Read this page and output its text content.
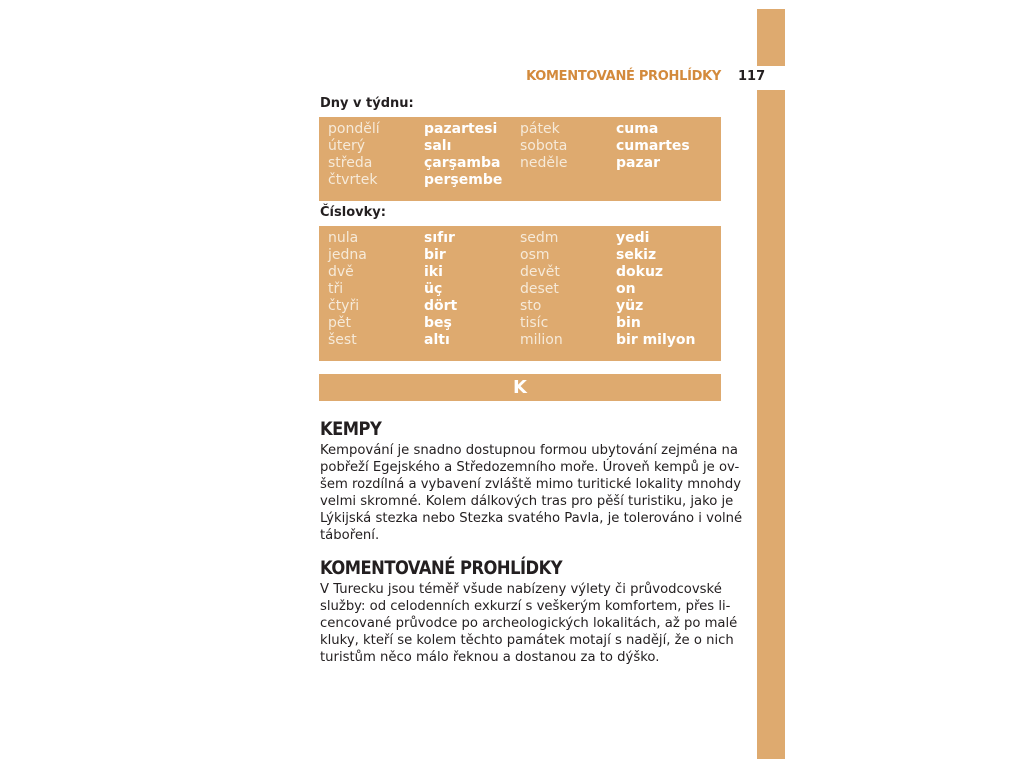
KOMENTOVANÉ PROHLÍDKY 117
Dny v týdnu:
pondělí	pazartesi pátek	cuma
úterý	salı	sobota	cumartes
středa	çarşamba neděle	pazar
čtvrtek	perşembe
Číslovky:
nula	sıfır	sedm	yedi
jedna	bir	osm	sekiz
dvě	iki	devět	dokuz
tři	üç	deset	on
čtyři	dört	sto	yüz
pět	beş	tisíc	bin
šest	altı	milion	bir milyon
K
KEMPY
Kempování je snadno dostupnou formou ubytování zejména na
pobřeží Egejského a Středozemního moře. Úroveň kempů je ov-
šem rozdílná a vybavení zvláště mimo turitické lokality mnohdy
velmi skromné. Kolem dálkových tras pro pěší turistiku, jako je
Lýkijská stezka nebo Stezka svatého Pavla, je tolerováno i volné
táboření.
KOMENTOVANÉ PROHLÍDKY
V Turecku jsou téměř všude nabízeny výlety či průvodcovské
služby: od celodenních exkurzí s veškerým komfortem, přes li-
cencované průvodce po archeologických lokalitách, až po malé
kluky, kteří se kolem těchto památek motají s nadějí, že o nich
turistům něco málo řeknou a dostanou za to dýško.
